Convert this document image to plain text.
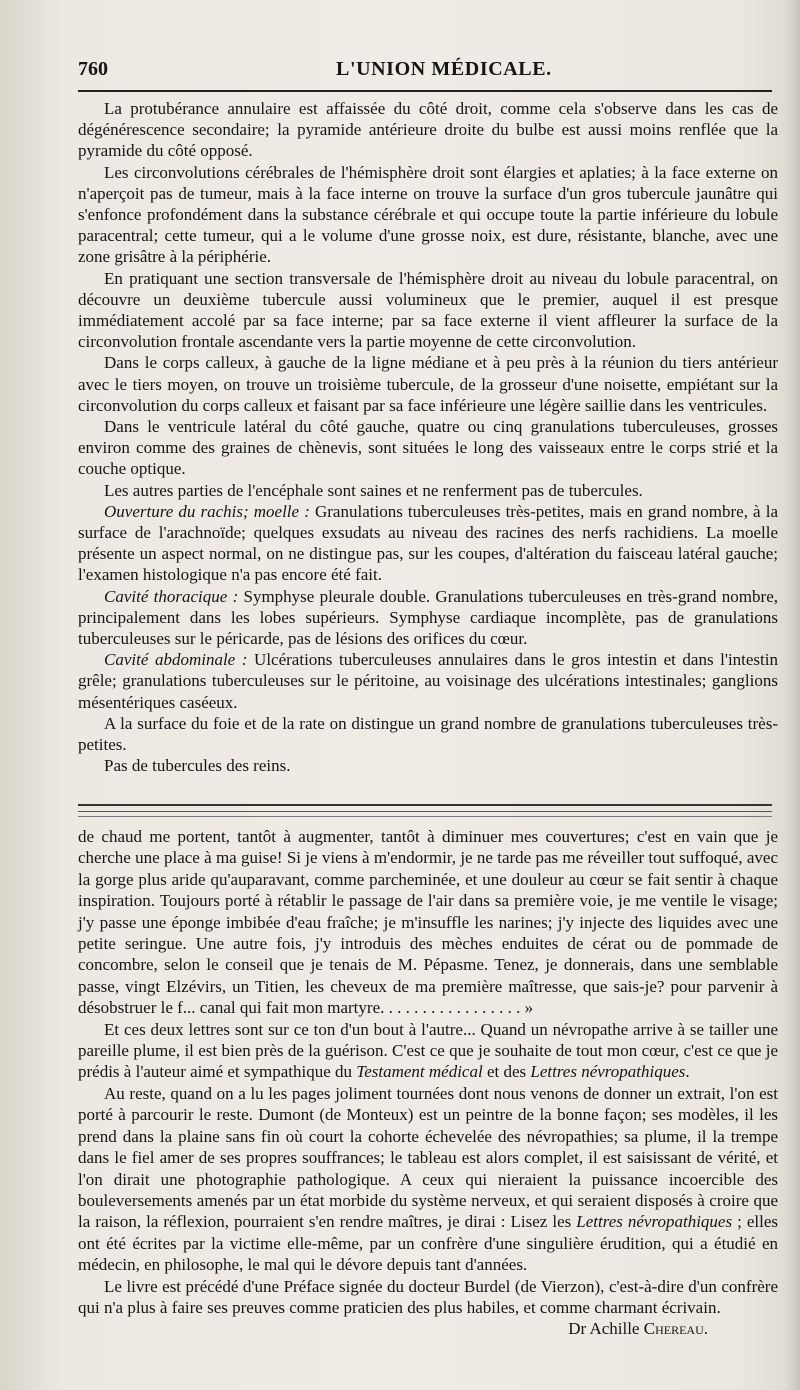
760	L'UNION MÉDICALE.

La protubérance annulaire est affaissée du côté droit, comme cela s'observe dans les cas de dégénérescence secondaire; la pyramide antérieure droite du bulbe est aussi moins renflée que la pyramide du côté opposé.

Les circonvolutions cérébrales de l'hémisphère droit sont élargies et aplaties; à la face externe on n'aperçoit pas de tumeur, mais à la face interne on trouve la surface d'un gros tubercule jaunâtre qui s'enfonce profondément dans la substance cérébrale et qui occupe toute la partie inférieure du lobule paracentral; cette tumeur, qui a le volume d'une grosse noix, est dure, résistante, blanche, avec une zone grisâtre à la périphérie.

En pratiquant une section transversale de l'hémisphère droit au niveau du lobule paracentral, on découvre un deuxième tubercule aussi volumineux que le premier, auquel il est presque immédiatement accolé par sa face interne; par sa face externe il vient affleurer la surface de la circonvolution frontale ascendante vers la partie moyenne de cette circonvolution.

Dans le corps calleux, à gauche de la ligne médiane et à peu près à la réunion du tiers antérieur avec le tiers moyen, on trouve un troisième tubercule, de la grosseur d'une noisette, empiétant sur la circonvolution du corps calleux et faisant par sa face inférieure une légère saillie dans les ventricules.

Dans le ventricule latéral du côté gauche, quatre ou cinq granulations tuberculeuses, grosses environ comme des graines de chènevis, sont situées le long des vaisseaux entre le corps strié et la couche optique.

Les autres parties de l'encéphale sont saines et ne renferment pas de tubercules.

Ouverture du rachis; moelle : Granulations tuberculeuses très-petites, mais en grand nombre, à la surface de l'arachnoïde; quelques exsudats au niveau des racines des nerfs rachidiens. La moelle présente un aspect normal, on ne distingue pas, sur les coupes, d'altération du faisceau latéral gauche; l'examen histologique n'a pas encore été fait.

Cavité thoracique : Symphyse pleurale double. Granulations tuberculeuses en très-grand nombre, principalement dans les lobes supérieurs. Symphyse cardiaque incomplète, pas de granulations tuberculeuses sur le péricarde, pas de lésions des orifices du cœur.

Cavité abdominale : Ulcérations tuberculeuses annulaires dans le gros intestin et dans l'intestin grêle; granulations tuberculeuses sur le péritoine, au voisinage des ulcérations intestinales; ganglions mésentériques caséeux.

A la surface du foie et de la rate on distingue un grand nombre de granulations tuberculeuses très-petites.

Pas de tubercules des reins.

de chaud me portent, tantôt à augmenter, tantôt à diminuer mes couvertures; c'est en vain que je cherche une place à ma guise! Si je viens à m'endormir, je ne tarde pas me réveiller tout suffoqué, avec la gorge plus aride qu'auparavant, comme parcheminée, et une douleur au cœur se fait sentir à chaque inspiration. Toujours porté à rétablir le passage de l'air dans sa première voie, je me ventile le visage; j'y passe une éponge imbibée d'eau fraîche; je m'insuffle les narines; j'y injecte des liquides avec une petite seringue. Une autre fois, j'y introduis des mèches enduites de cérat ou de pommade de concombre, selon le conseil que je tenais de M. Pépasme. Tenez, je donnerais, dans une semblable passe, vingt Elzévirs, un Titien, les cheveux de ma première maîtresse, que sais-je? pour parvenir à désobstruer le f... canal qui fait mon martyre. . . . . . . . . . . . . . . . . »

Et ces deux lettres sont sur ce ton d'un bout à l'autre... Quand un névropathe arrive à se tailler une pareille plume, il est bien près de la guérison. C'est ce que je souhaite de tout mon cœur, c'est ce que je prédis à l'auteur aimé et sympathique du Testament médical et des Lettres névropathiques.

Au reste, quand on a lu les pages joliment tournées dont nous venons de donner un extrait, l'on est porté à parcourir le reste. Dumont (de Monteux) est un peintre de la bonne façon; ses modèles, il les prend dans la plaine sans fin où court la cohorte échevelée des névropathies; sa plume, il la trempe dans le fiel amer de ses propres souffrances; le tableau est alors complet, il est saisissant de vérité, et l'on dirait une photographie pathologique. A ceux qui nieraient la puissance incoercible des bouleversements amenés par un état morbide du système nerveux, et qui seraient disposés à croire que la raison, la réflexion, pourraient s'en rendre maîtres, je dirai : Lisez les Lettres névropathiques ; elles ont été écrites par la victime elle-même, par un confrère d'une singulière érudition, qui a étudié en médecin, en philosophe, le mal qui le dévore depuis tant d'années.

Le livre est précédé d'une Préface signée du docteur Burdel (de Vierzon), c'est-à-dire d'un confrère qui n'a plus à faire ses preuves comme praticien des plus habiles, et comme charmant écrivain.

Dr Achille Chereau.
